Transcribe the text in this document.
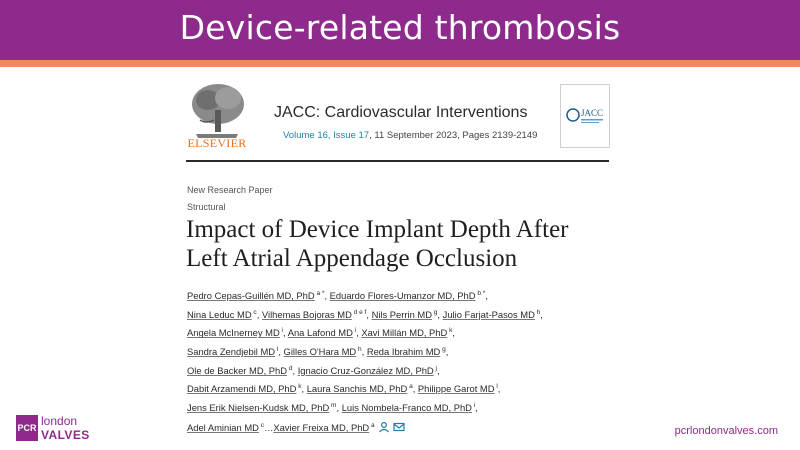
Device-related thrombosis
ELSEVIER
JACC: Cardiovascular Interventions
Volume 16, Issue 17, 11 September 2023, Pages 2139-2149
JACC
New Research Paper
Structural
Impact of Device Implant Depth After
Left Atrial Appendage Occlusion
Pedro Cepas-Guillén MD, PhD $^{a *}$, Eduardo Flores-Umanzor MD, PhD $^{b *}$,
Nina Leduc MD $^c$, Vilhemas Bojoras MD $^{d e f}$, Nils Perrin MD $^g$, Julio Farjat-Pasos MD $^h$,
Angela McInerney MD $^i$, Ana Lafond MD $^i$, Xavi Millán MD, PhD $^k$,
Sandra Zendjebil MD $^l$, Gilles O'Hara MD $^h$, Reda Ibrahim MD $^g$,
Ole de Backer MD, PhD $^d$, Ignacio Cruz-González MD, PhD $^j$,
Dabit Arzamendi MD, PhD $^k$, Laura Sanchis MD, PhD $^a$, Philippe Garot MD $^l$,
Jens Erik Nielsen-Kudsk MD, PhD $^m$, Luis Nombela-Franco MD, PhD $^i$,
Adel Aminian MD $^c$…Xavier Freixa MD, PhD $^a$
PCR london
VALVES	pcrlondonvalves.com
